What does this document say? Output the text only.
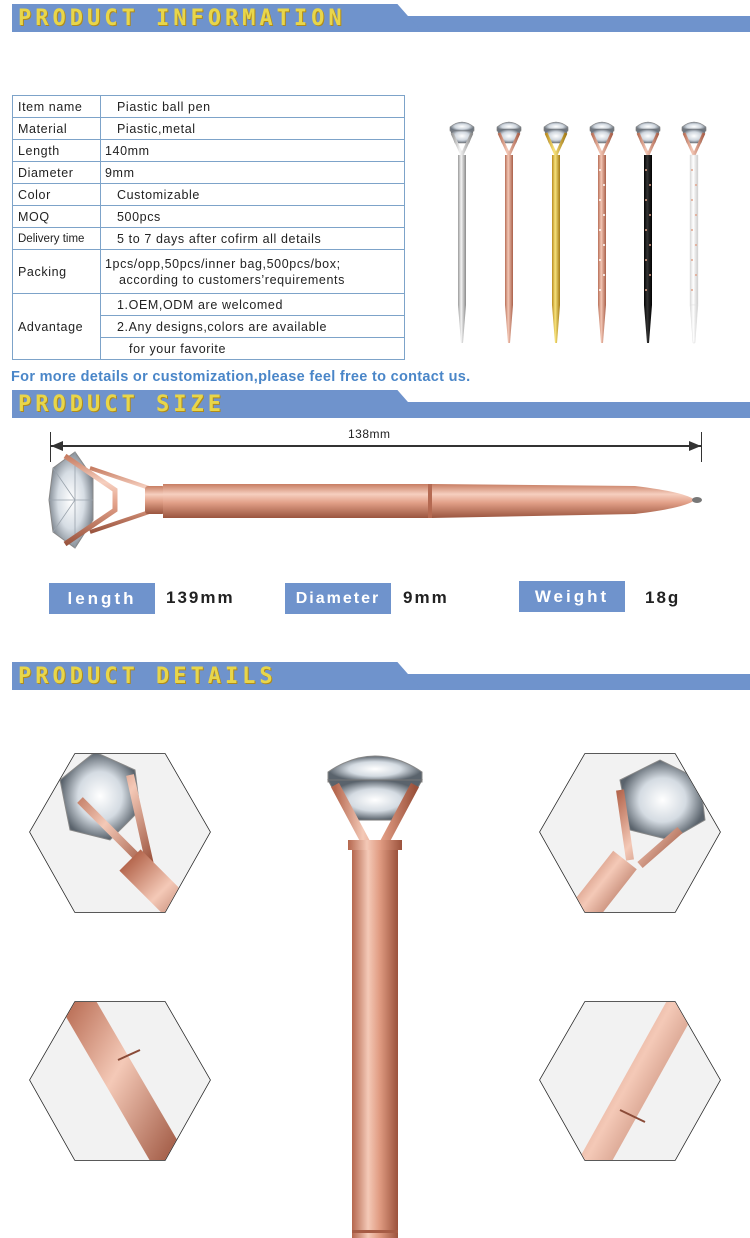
PRODUCT INFORMATION
Item name	Piastic ball pen
Material	Piastic,metal
Length	140mm
Diameter	9mm
Color	Customizable
MOQ	500pcs
Delivery time	5 to 7 days after cofirm all details
Packing	1pcs/opp,50pcs/inner bag,500pcs/box;
according to customers’requirements

Advantage	1.OEM,ODM are welcomed
	2.Any designs,colors are available
	for your favorite
For more details or customization,please feel free to contact us.
PRODUCT SIZE
138mm
length	139mm	Diameter	9mm	Weight	18g
PRODUCT DETAILS
